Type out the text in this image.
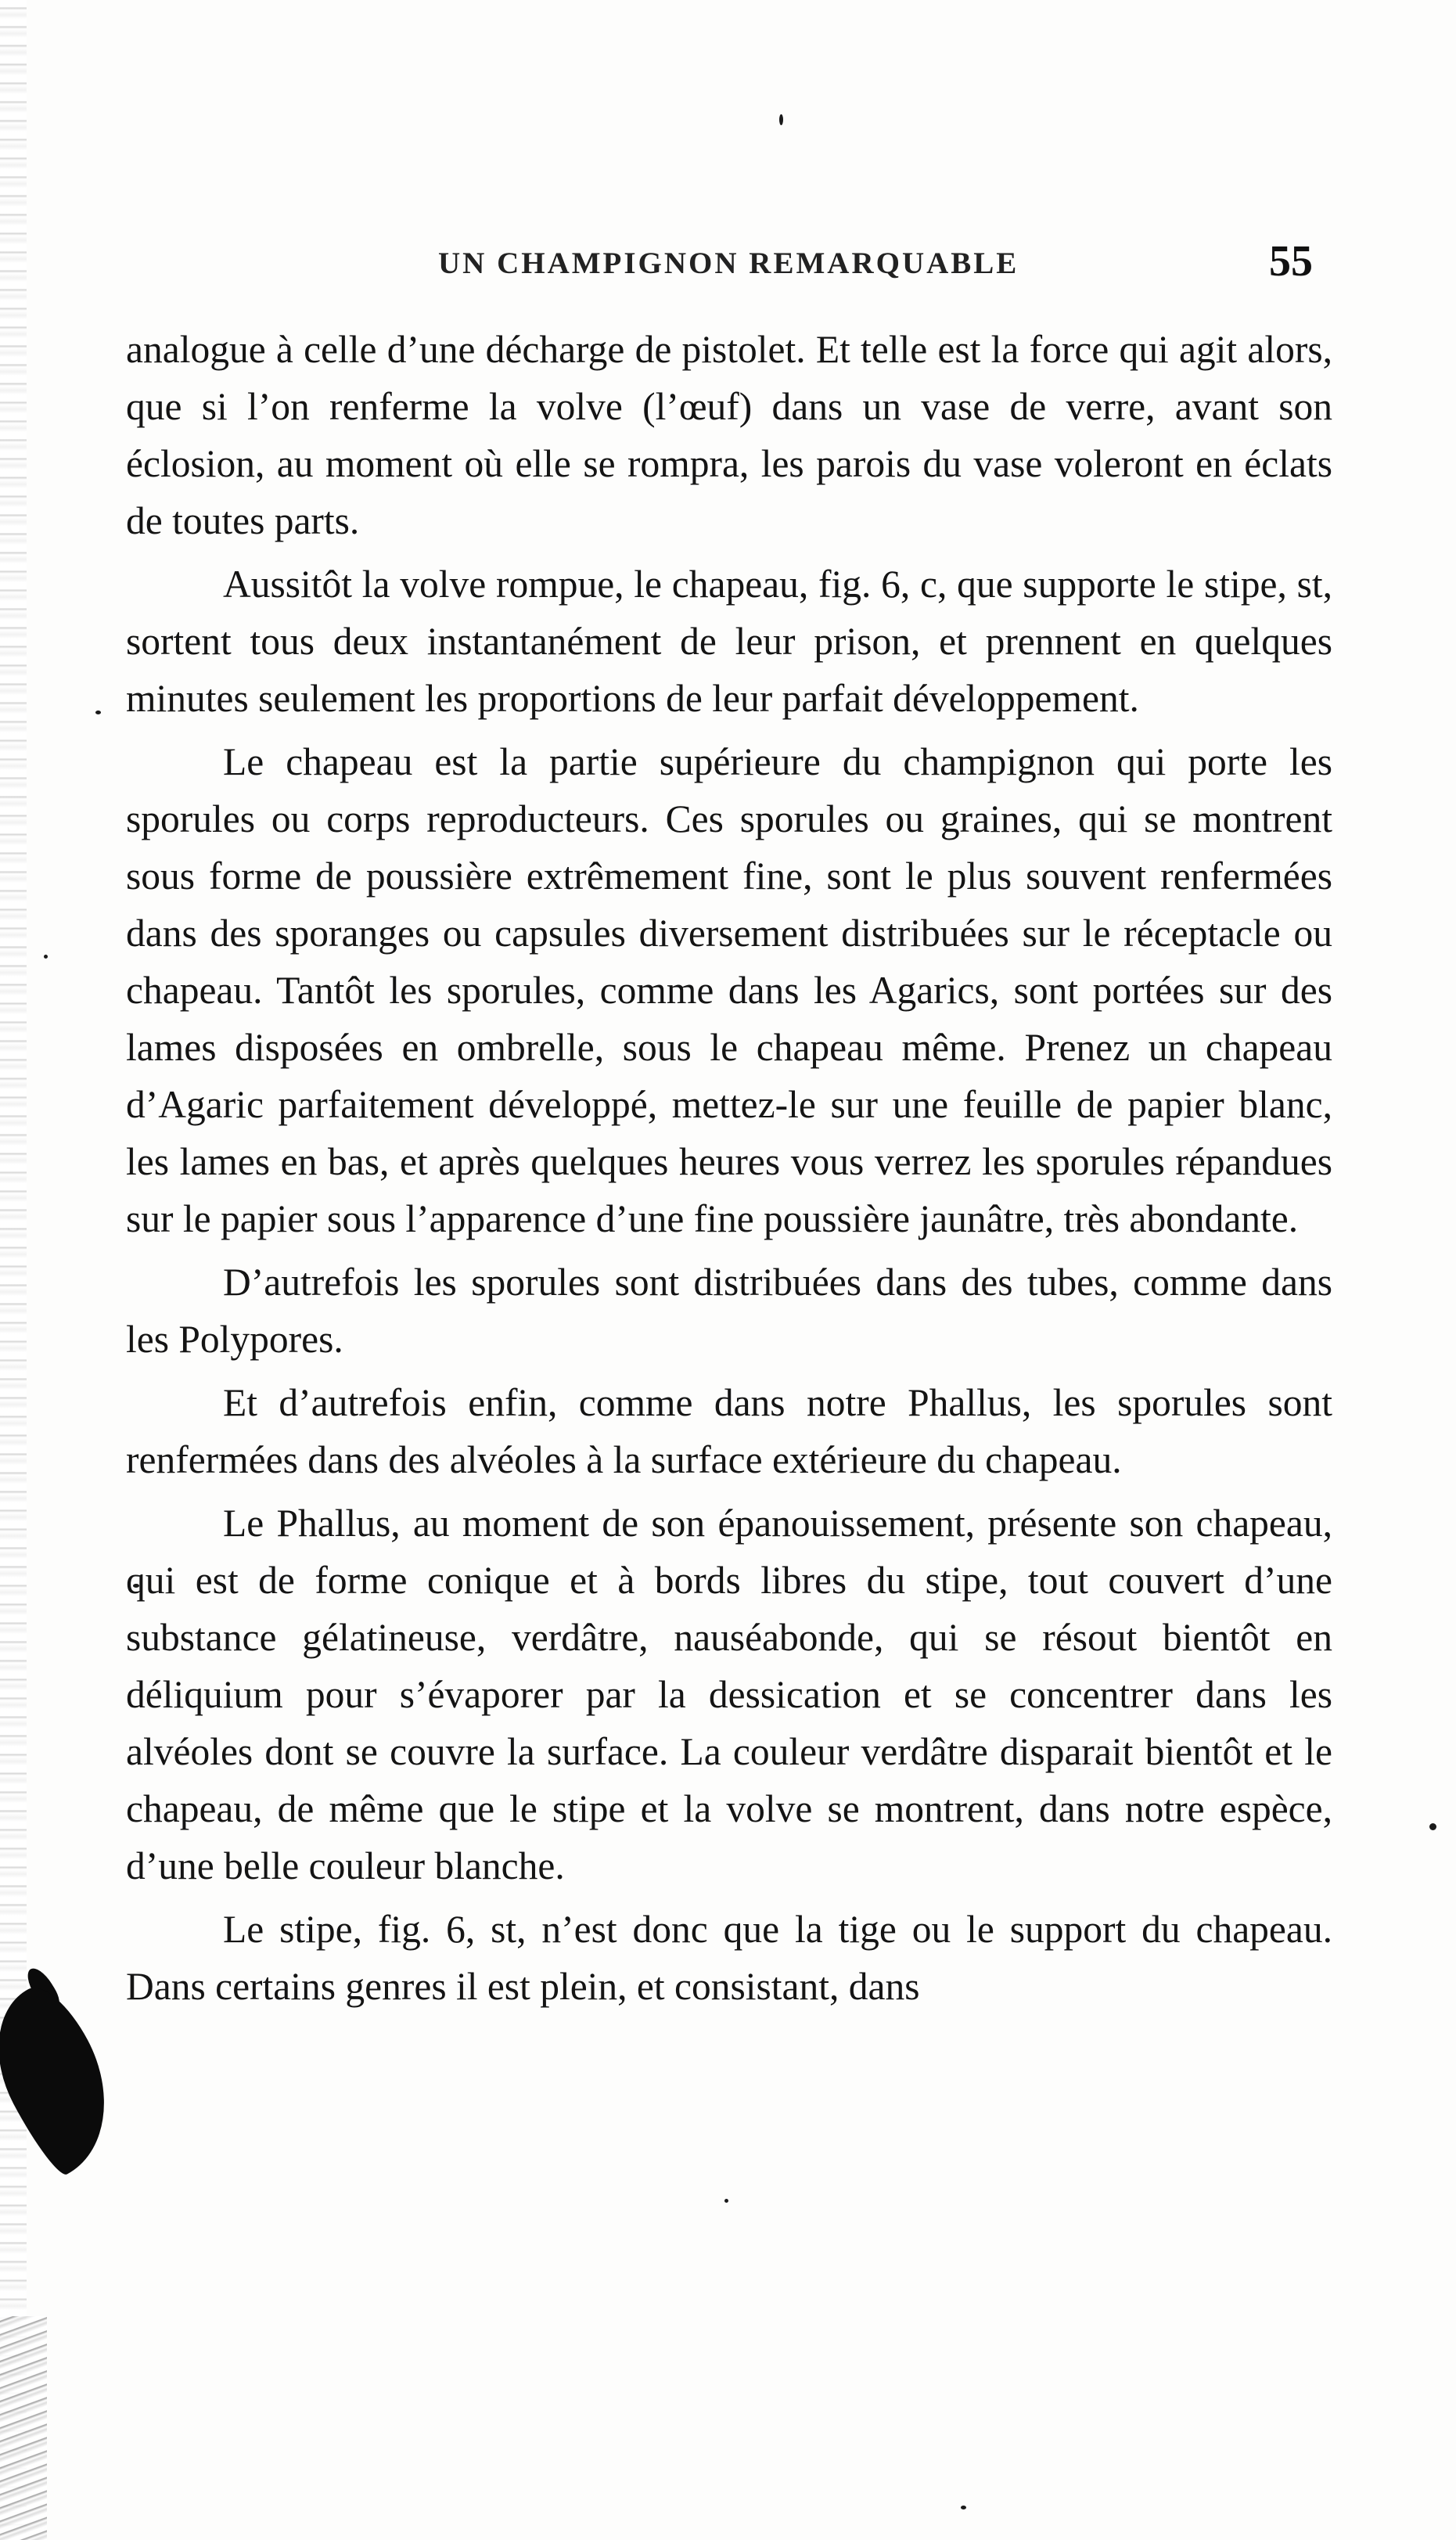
UN CHAMPIGNON REMARQUABLE	55

analogue à celle d’une décharge de pistolet. Et telle est la force qui agit alors, que si l’on renferme la volve (l’œuf) dans un vase de verre, avant son éclosion, au moment où elle se rompra, les parois du vase voleront en éclats de toutes parts.

Aussitôt la volve rompue, le chapeau, fig. 6, c, que supporte le stipe, st, sortent tous deux instantanément de leur prison, et prennent en quelques minutes seulement les proportions de leur parfait développement.

Le chapeau est la partie supérieure du champignon qui porte les sporules ou corps reproducteurs. Ces sporules ou graines, qui se montrent sous forme de poussière extrêmement fine, sont le plus souvent renfermées dans des sporanges ou capsules diversement distribuées sur le réceptacle ou chapeau. Tantôt les sporules, comme dans les Agarics, sont portées sur des lames disposées en ombrelle, sous le chapeau même. Prenez un chapeau d’Agaric parfaitement développé, mettez-le sur une feuille de papier blanc, les lames en bas, et après quelques heures vous verrez les sporules répandues sur le papier sous l’apparence d’une fine poussière jaunâtre, très abondante.

D’autrefois les sporules sont distribuées dans des tubes, comme dans les Polypores.

Et d’autrefois enfin, comme dans notre Phallus, les sporules sont renfermées dans des alvéoles à la surface extérieure du chapeau.

Le Phallus, au moment de son épanouissement, présente son chapeau, qui est de forme conique et à bords libres du stipe, tout couvert d’une substance gélatineuse, verdâtre, nauséabonde, qui se résout bientôt en déliquium pour s’évaporer par la dessication et se concentrer dans les alvéoles dont se couvre la surface. La couleur verdâtre disparait bientôt et le chapeau, de même que le stipe et la volve se montrent, dans notre espèce, d’une belle couleur blanche.

Le stipe, fig. 6, st, n’est donc que la tige ou le support du chapeau. Dans certains genres il est plein, et consistant, dans
